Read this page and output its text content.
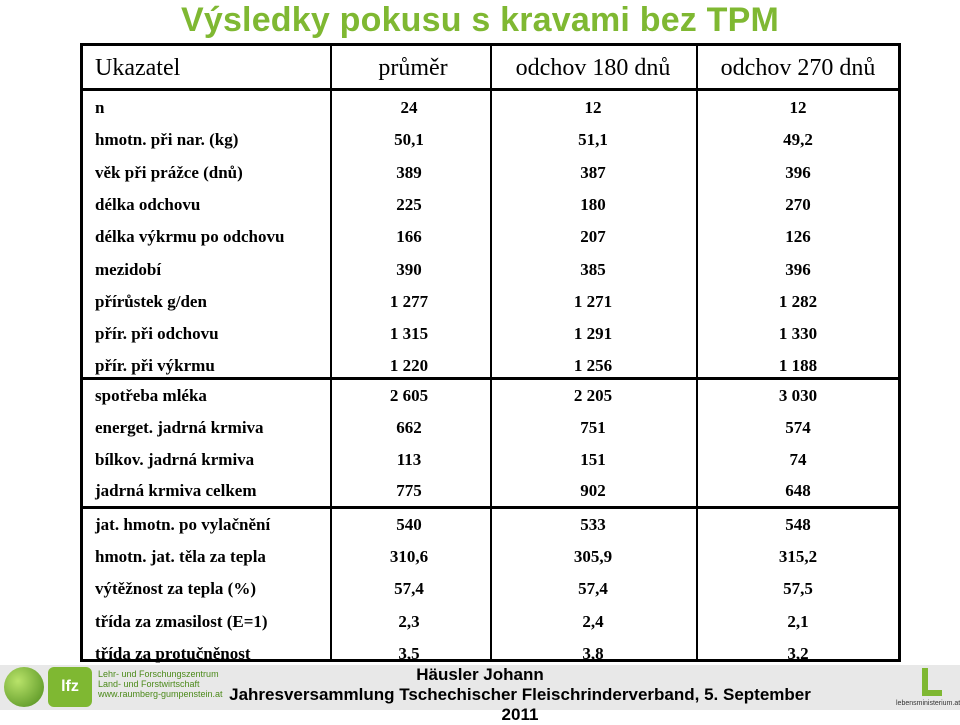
Výsledky pokusu s kravami bez TPM
Ukazatel	průměr	odchov 180 dnů	odchov 270 dnů
n	24	12	12
hmotn. při nar. (kg)	50,1	51,1	49,2
věk při prážce (dnů)	389	387	396
délka odchovu	225	180	270
délka výkrmu po odchovu	166	207	126
mezidobí	390	385	396
přírůstek g/den	1 277	1 271	1 282
přír. při odchovu	1 315	1 291	1 330
přír. při výkrmu	1 220	1 256	1 188
spotřeba mléka	2 605	2 205	3 030
energet. jadrná krmiva	662	751	574
bílkov. jadrná krmiva	113	151	74
jadrná krmiva celkem	775	902	648
jat. hmotn. po vylačnění	540	533	548
hmotn. jat. těla za tepla	310,6	305,9	315,2
výtěžnost za tepla (%)	57,4	57,4	57,5
třída za zmasilost (E=1)	2,3	2,4	2,1
třída za protučněnost	3,5	3,8	3,2
lfz
Lehr- und Forschungszentrum
Land- und Forstwirtschaft
www.raumberg-gumpenstein.at
Häusler Johann
Jahresversammlung Tschechischer Fleischrinderverband, 5. September 2011
lebensministerium.at
